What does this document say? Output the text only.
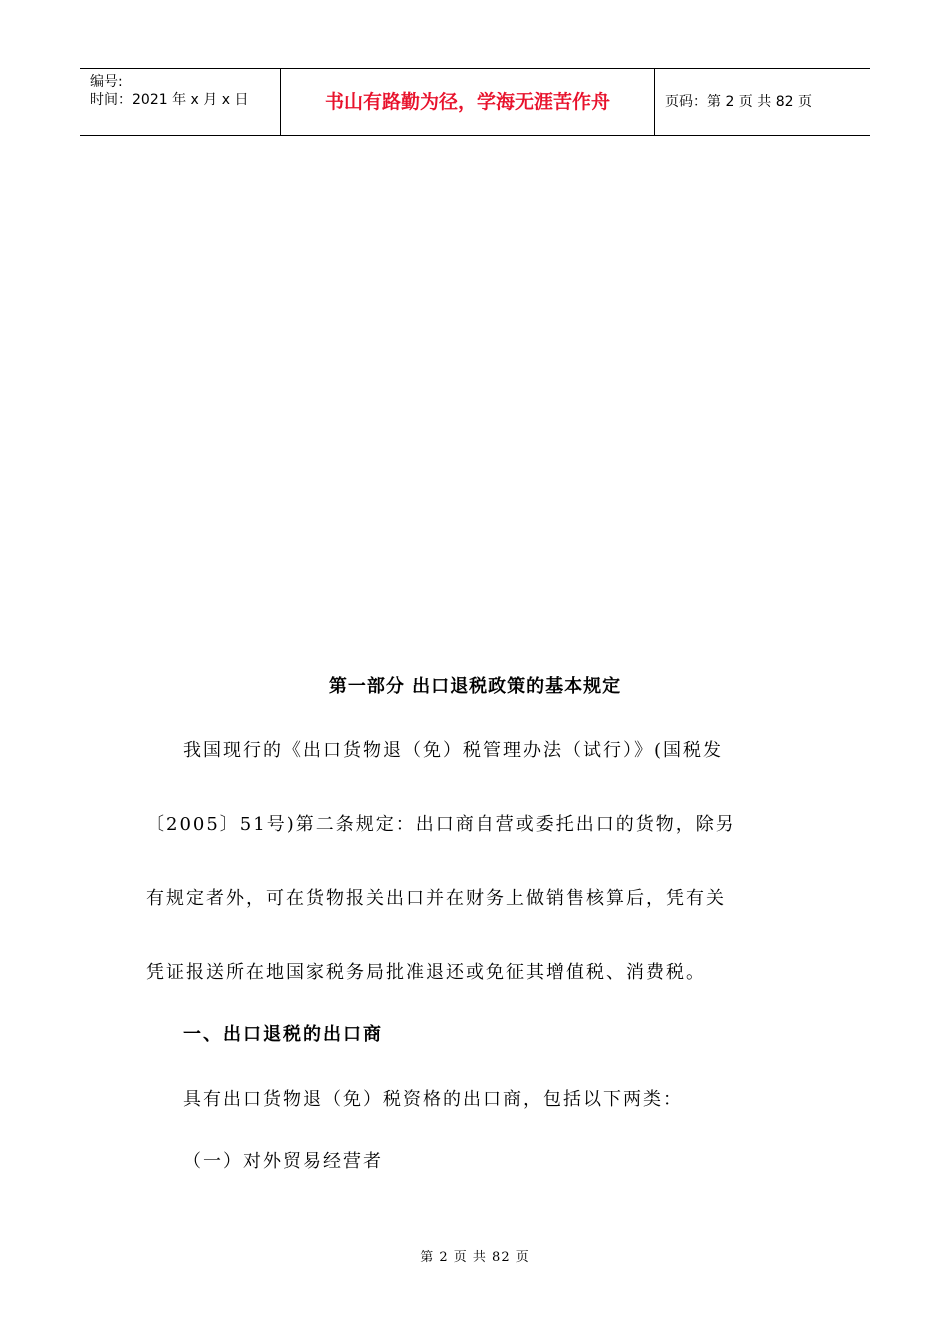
编号:
时间：2021 年 x 月 x 日	书山有路勤为径，学海无涯苦作舟	页码：第 2 页 共 82 页
第一部分 出口退税政策的基本规定
我国现行的《出口货物退（免）税管理办法（试行）》(国税发
〔2005〕51号)第二条规定：出口商自营或委托出口的货物，除另
有规定者外，可在货物报关出口并在财务上做销售核算后，凭有关
凭证报送所在地国家税务局批准退还或免征其增值税、消费税。
一、出口退税的出口商
具有出口货物退（免）税资格的出口商，包括以下两类：
（一）对外贸易经营者
第 2 页 共 82 页
